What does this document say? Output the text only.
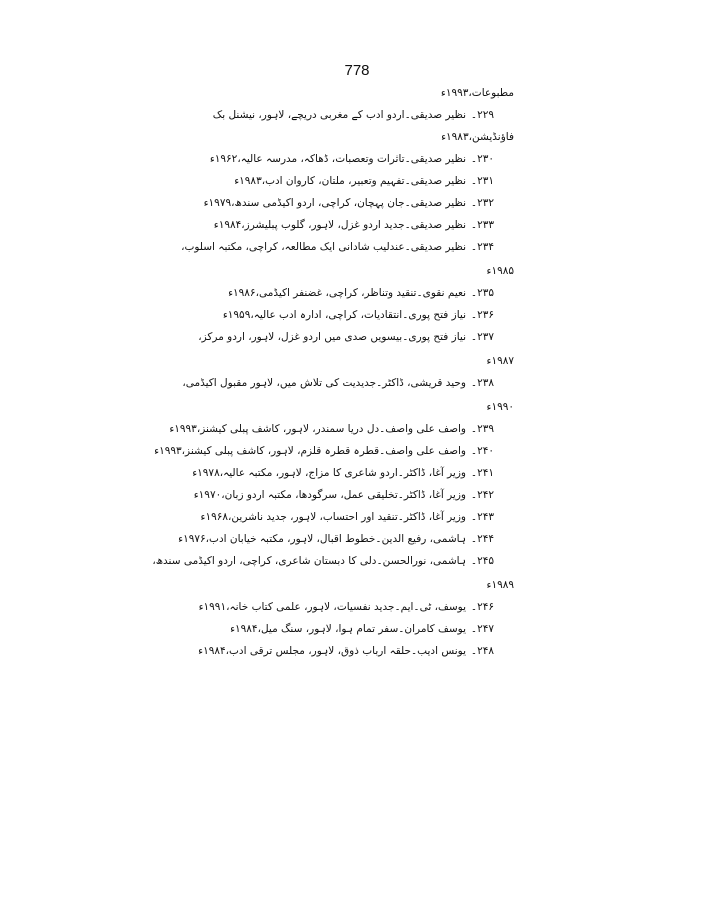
778
مطبوعات،۱۹۹۳ء
۲۲۹۔نظیر صدیقی۔اردو ادب کے مغربی دریچے، لاہور، نیشنل بک
فاؤنڈیشن،۱۹۸۳ء
۲۳۰۔نظیر صدیقی۔تاثرات وتعصبات، ڈھاکہ، مدرسہ عالیہ،۱۹۶۲ء
۲۳۱۔نظیر صدیقی۔تفہیم وتعبیر، ملتان، کاروان ادب،۱۹۸۳ء
۲۳۲۔نظیر صدیقی۔جان پہچان، کراچی، اردو اکیڈمی سندھ،۱۹۷۹ء
۲۳۳۔نظیر صدیقی۔جدید اردو غزل، لاہور، گلوب پبلیشرز،۱۹۸۴ء
۲۳۴۔نظیر صدیقی۔عندلیب شادانی ایک مطالعہ، کراچی، مکتبہ اسلوب،
۱۹۸۵ء
۲۳۵۔نعیم نقوی۔تنقید وتناظر، کراچی، غضنفر اکیڈمی،۱۹۸۶ء
۲۳۶۔نیاز فتح پوری۔انتقادیات، کراچی، ادارہ ادب عالیہ،۱۹۵۹ء
۲۳۷۔نیاز فتح پوری۔بیسویں صدی میں اردو غزل، لاہور، اردو مرکز،
۱۹۸۷ء
۲۳۸۔وحید قریشی، ڈاکٹر۔جدیدیت کی تلاش میں، لاہور مقبول اکیڈمی،
۱۹۹۰ء
۲۳۹۔واصف علی واصف۔دل دریا سمندر، لاہور، کاشف پبلی کیشنز،۱۹۹۳ء
۲۴۰۔واصف علی واصف۔قطرہ قطرہ قلزم، لاہور، کاشف پبلی کیشنز،۱۹۹۳ء
۲۴۱۔وزیر آغا، ڈاکٹر۔اردو شاعری کا مزاج، لاہور، مکتبہ عالیہ،۱۹۷۸ء
۲۴۲۔وزیر آغا، ڈاکٹر۔تخلیقی عمل، سرگودھا، مکتبہ اردو زبان،۱۹۷۰ء
۲۴۳۔وزیر آغا، ڈاکٹر۔تنقید اور احتساب، لاہور، جدید ناشرین،۱۹۶۸ء
۲۴۴۔ہاشمی، رفیع الدین۔خطوط اقبال، لاہور، مکتبہ خیابان ادب،۱۹۷۶ء
۲۴۵۔ہاشمی، نورالحسن۔دلی کا دبستان شاعری، کراچی، اردو اکیڈمی سندھ،
۱۹۸۹ء
۲۴۶۔یوسف، ٹی۔ایم۔جدید نفسیات، لاہور، علمی کتاب خانہ،۱۹۹۱ء
۲۴۷۔یوسف کامران۔سفر تمام ہوا، لاہور، سنگ میل،۱۹۸۴ء
۲۴۸۔یونس ادیب۔حلقہ ارباب ذوق، لاہور، مجلس ترقی ادب،۱۹۸۴ء
